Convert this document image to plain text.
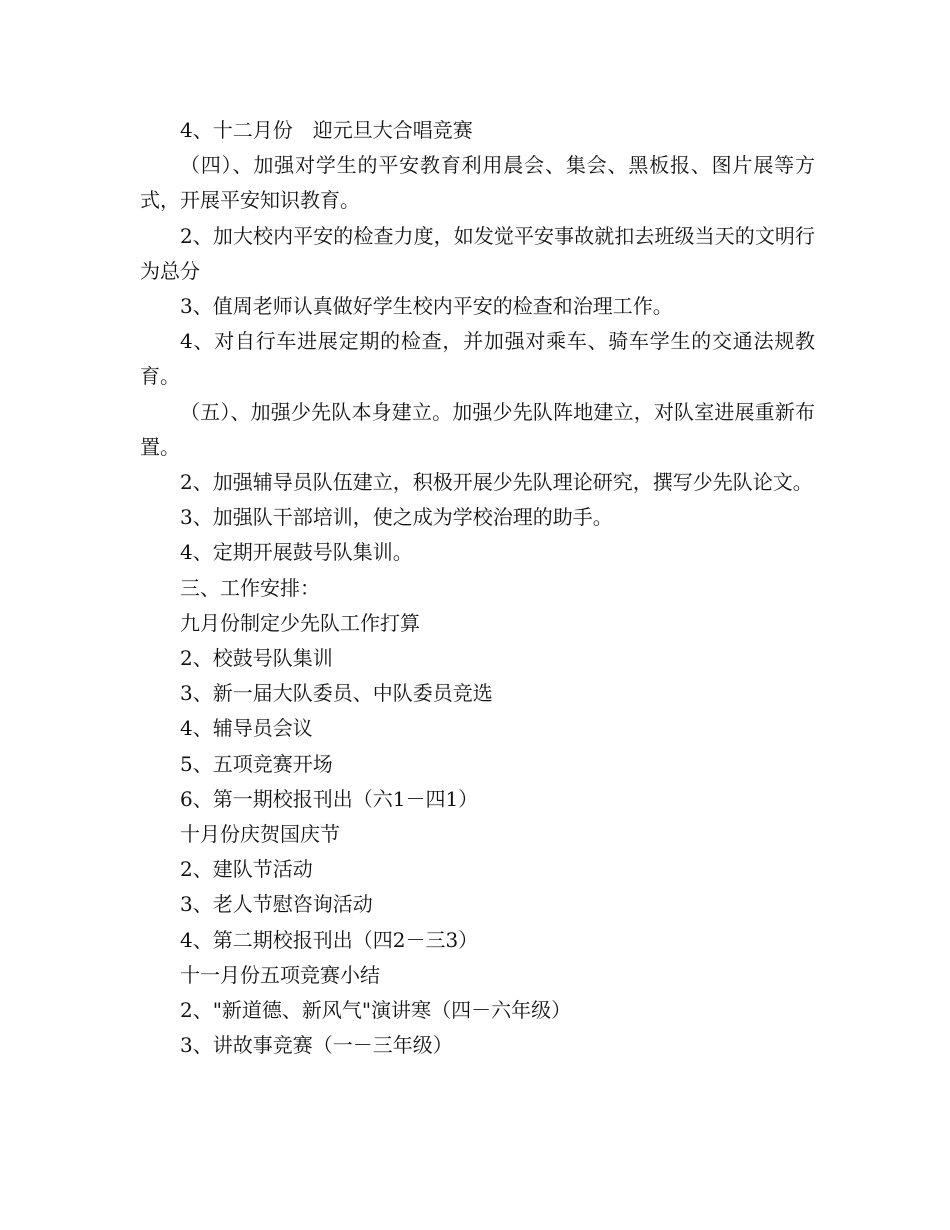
4、十二月份　迎元旦大合唱竞赛

（四）、加强对学生的平安教育利用晨会、集会、黑板报、图片展等方式，开展平安知识教育。

2、加大校内平安的检查力度，如发觉平安事故就扣去班级当天的文明行为总分

3、值周老师认真做好学生校内平安的检查和治理工作。

4、对自行车进展定期的检查，并加强对乘车、骑车学生的交通法规教育。

（五）、加强少先队本身建立。加强少先队阵地建立，对队室进展重新布置。

2、加强辅导员队伍建立，积极开展少先队理论研究，撰写少先队论文。

3、加强队干部培训，使之成为学校治理的助手。

4、定期开展鼓号队集训。

三、工作安排：

九月份制定少先队工作打算

2、校鼓号队集训

3、新一届大队委员、中队委员竞选

4、辅导员会议

5、五项竞赛开场

6、第一期校报刊出（六1－四1）

十月份庆贺国庆节

2、建队节活动

3、老人节慰咨询活动

4、第二期校报刊出（四2－三3）

十一月份五项竞赛小结

2、"新道德、新风气"演讲寒（四－六年级）

3、讲故事竞赛（一－三年级）
